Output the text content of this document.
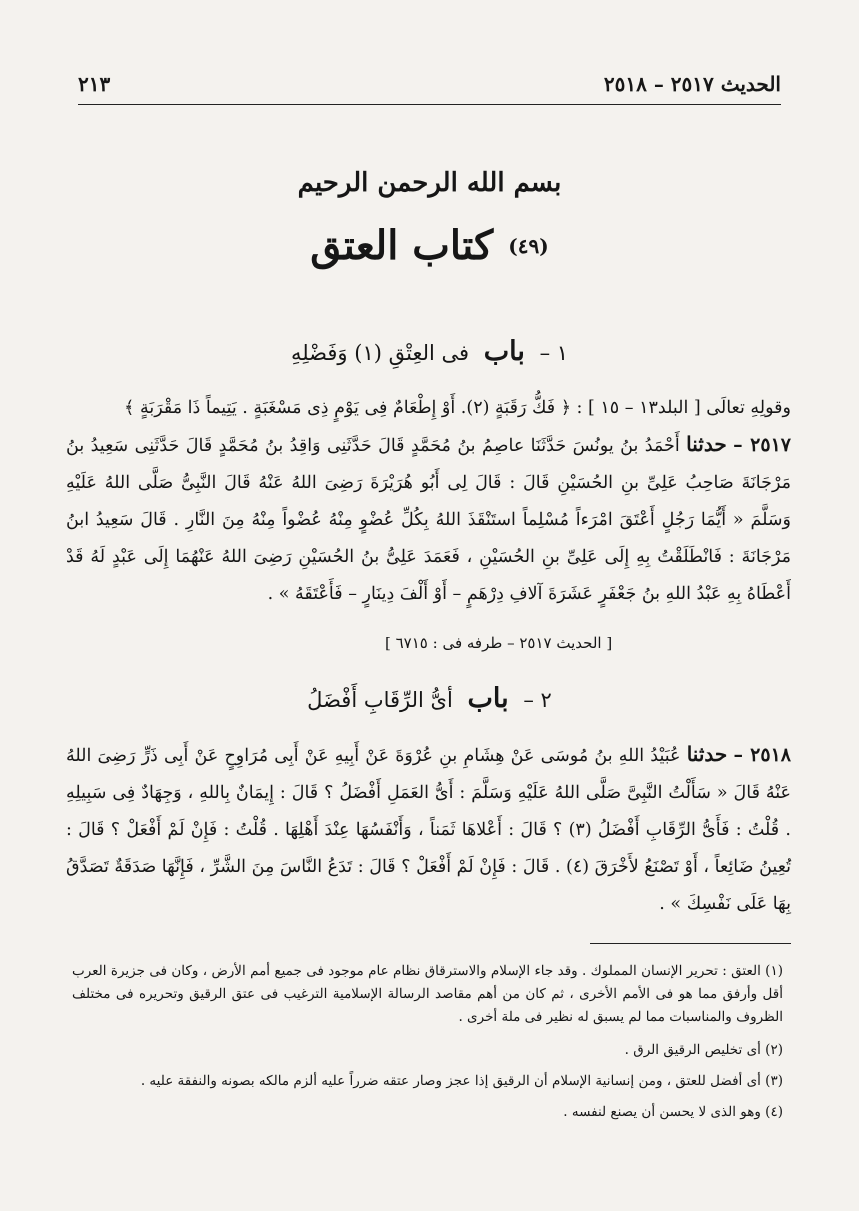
الحديث ٢٥١٧ – ٢٥١٨
٢١٣
بسم الله الرحمن الرحيم
(٤٩) كتاب العتق
١ – باب فى العِتْقِ (١) وَفَضْلِهِ
وقولِهِ تعالَى [ البلد١٣ – ١٥ ] : ﴿ فَكُّ رَقَبَةٍ (٢). أَوْ إِطْعَامٌ فِى يَوْمٍ ذِى مَسْغَبَةٍ . يَتِيماً ذَا مَقْرَبَةٍ ﴾
٢٥١٧ – حدثنا أَحْمَدُ بنُ يونُسَ حَدَّثَنَا عاصِمُ بنُ مُحَمَّدٍ قَالَ حَدَّثَنِى وَاقِدُ بنُ مُحَمَّدٍ قَالَ حَدَّثَنِى سَعِيدُ بنُ مَرْجَانَةَ صَاحِبُ عَلِىِّ بنِ الحُسَيْنِ قَالَ : قَالَ لِى أَبُو هُرَيْرَةَ رَضِىَ اللهُ عَنْهُ قَالَ النَّبِىُّ صَلَّى اللهُ عَلَيْهِ وَسَلَّمَ « أَيُّمَا رَجُلٍ أَعْتَقَ امْرَءاً مُسْلِماً استَنْقَذَ اللهُ بِكُلِّ عُضْوٍ مِنْهُ عُضْواً مِنْهُ مِنَ النَّارِ . قَالَ سَعِيدُ ابنُ مَرْجَانَةَ : فَانْطَلَقْتُ بِهِ إِلَى عَلِىِّ بنِ الحُسَيْنِ ، فَعَمَدَ عَلِىُّ بنُ الحُسَيْنِ رَضِىَ اللهُ عَنْهُمَا إِلَى عَبْدٍ لَهُ قَدْ أَعْطَاهُ بِهِ عَبْدُ اللهِ بنُ جَعْفَرٍ عَشَرَةَ آلافِ دِرْهَمٍ – أَوْ أَلْفَ دِينَارٍ – فَأَعْتَقَهُ » .
[ الحديث ٢٥١٧ – طرفه فى : ٦٧١٥ ]
٢ – باب أىُّ الرِّقَابِ أَفْضَلُ
٢٥١٨ – حدثنا عُبَيْدُ اللهِ بنُ مُوسَى عَنْ هِشَامِ بنِ عُرْوَةَ عَنْ أَبِيهِ عَنْ أَبِى مُرَاوِحٍ عَنْ أَبِى ذَرٍّ رَضِىَ اللهُ عَنْهُ قَالَ « سَأَلْتُ النَّبِىَّ صَلَّى اللهُ عَلَيْهِ وَسَلَّمَ : أَىُّ العَمَلِ أَفْضَلُ ؟ قَالَ : إِيمَانٌ بِاللهِ ، وَجِهَادٌ فِى سَبِيلِهِ . قُلْتُ : فَأَىُّ الرِّقَابِ أَفْضَلُ (٣) ؟ قَالَ : أَعْلاهَا ثَمَناً ، وَأَنْفَسُهَا عِنْدَ أَهْلِهَا . قُلْتُ : فَإِنْ لَمْ أَفْعَلْ ؟ قَالَ : تُعِينُ ضَائِعاً ، أَوْ تَصْنَعُ لأَخْرَقَ (٤) . قَالَ : فَإِنْ لَمْ أَفْعَلْ ؟ قَالَ : تَدَعُ النَّاسَ مِنَ الشَّرِّ ، فَإِنَّهَا صَدَقَةٌ تَصَدَّقُ بِهَا عَلَى نَفْسِكَ » .

(١) العتق : تحرير الإنسان المملوك . وقد جاء الإسلام والاسترقاق نظام عام موجود فى جميع أمم الأرض ، وكان فى جزيرة العرب أقل وأرفق مما هو فى الأمم الأخرى ، ثم كان من أهم مقاصد الرسالة الإسلامية الترغيب فى عتق الرقيق وتحريره فى مختلف الظروف والمناسبات مما لم يسبق له نظير فى ملة أخرى .

(٢) أى تخليص الرقيق الرق .

(٣) أى أفضل للعتق ، ومن إنسانية الإسلام أن الرقيق إذا عجز وصار عتقه ضرراً عليه ألزم مالكه بصونه والنفقة عليه .

(٤) وهو الذى لا يحسن أن يصنع لنفسه .
